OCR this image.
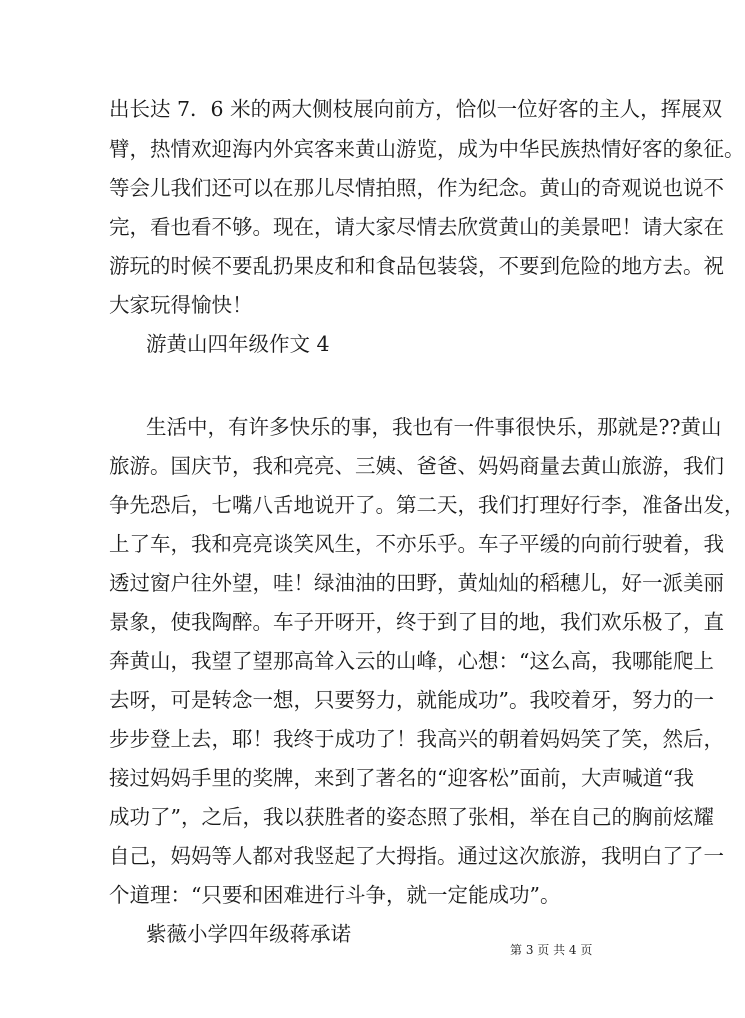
出长达 7．6 米的两大侧枝展向前方，恰似一位好客的主人，挥展双
臂，热情欢迎海内外宾客来黄山游览，成为中华民族热情好客的象征。
等会儿我们还可以在那儿尽情拍照，作为纪念。黄山的奇观说也说不
完，看也看不够。现在，请大家尽情去欣赏黄山的美景吧！请大家在
游玩的时候不要乱扔果皮和和食品包装袋，不要到危险的地方去。祝
大家玩得愉快！
游黄山四年级作文 4
生活中，有许多快乐的事，我也有一件事很快乐，那就是??黄山
旅游。国庆节，我和亮亮、三姨、爸爸、妈妈商量去黄山旅游，我们
争先恐后，七嘴八舌地说开了。第二天，我们打理好行李，准备出发，
上了车，我和亮亮谈笑风生，不亦乐乎。车子平缓的向前行驶着，我
透过窗户往外望，哇！绿油油的田野，黄灿灿的稻穗儿，好一派美丽
景象，使我陶醉。车子开呀开，终于到了目的地，我们欢乐极了，直
奔黄山，我望了望那高耸入云的山峰，心想：“这么高，我哪能爬上
去呀，可是转念一想，只要努力，就能成功”。我咬着牙，努力的一
步步登上去，耶！我终于成功了！我高兴的朝着妈妈笑了笑，然后，
接过妈妈手里的奖牌，来到了著名的“迎客松”面前，大声喊道“我
成功了”，之后，我以获胜者的姿态照了张相，举在自己的胸前炫耀
自己，妈妈等人都对我竖起了大拇指。通过这次旅游，我明白了了一
个道理：“只要和困难进行斗争，就一定能成功”。
紫薇小学四年级蒋承诺
第 3 页 共 4 页
